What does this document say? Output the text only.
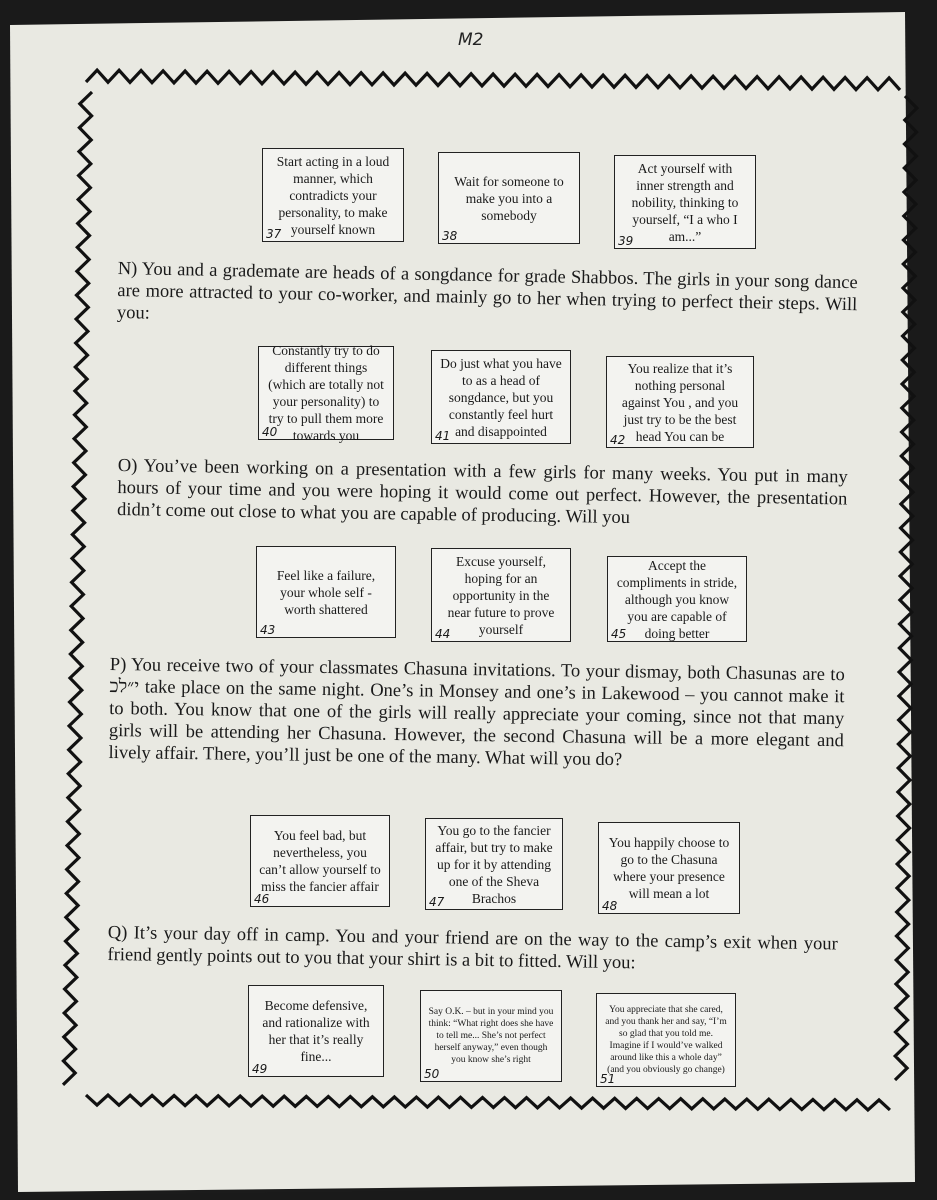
M2
Start acting in a loud manner, which contradicts your personality, to make yourself known
37
Wait for someone to make you into a somebody
38
Act yourself with inner strength and nobility, thinking to yourself, “I a who I am...”
39
N) You and a grademate are heads of a songdance for grade Shabbos. The girls in your song dance are more attracted to your co-worker, and mainly go to her when trying to perfect their steps. Will you:
Constantly try to do different things (which are totally not your personality) to try to pull them more towards you
40
Do just what you have to as a head of songdance, but you constantly feel hurt and disappointed
41
You realize that it’s nothing personal against You , and you just try to be the best head You can be
42
O) You’ve been working on a presentation with a few girls for many weeks. You put in many hours of your time and you were hoping it would come out perfect. However, the presentation didn’t come out close to what you are capable of producing. Will you
Feel like a failure, your whole self - worth shattered
43
Excuse yourself, hoping for an opportunity in the near future to prove yourself
44
Accept the compliments in stride, although you know you are capable of doing better
45
P) You receive two of your classmates Chasuna invitations. To your dismay, both Chasunas are to י״לכ take place on the same night. One’s in Monsey and one’s in Lakewood – you cannot make it to both. You know that one of the girls will really appreciate your coming, since not that many girls will be attending her Chasuna. However, the second Chasuna will be a more elegant and lively affair. There, you’ll just be one of the many. What will you do?
You feel bad, but nevertheless, you can’t allow yourself to miss the fancier affair
46
You go to the fancier affair, but try to make up for it by attending one of the Sheva Brachos
47
You happily choose to go to the Chasuna where your presence will mean a lot
48
Q) It’s your day off in camp. You and your friend are on the way to the camp’s exit when your friend gently points out to you that your shirt is a bit to fitted. Will you:
Become defensive, and rationalize with her that it’s really fine...
49
Say O.K. – but in your mind you think: “What right does she have to tell me... She’s not perfect herself anyway,” even though you know she’s right
50
You appreciate that she cared, and you thank her and say, “I’m so glad that you told me. Imagine if I would’ve walked around like this a whole day” (and you obviously go change)
51
